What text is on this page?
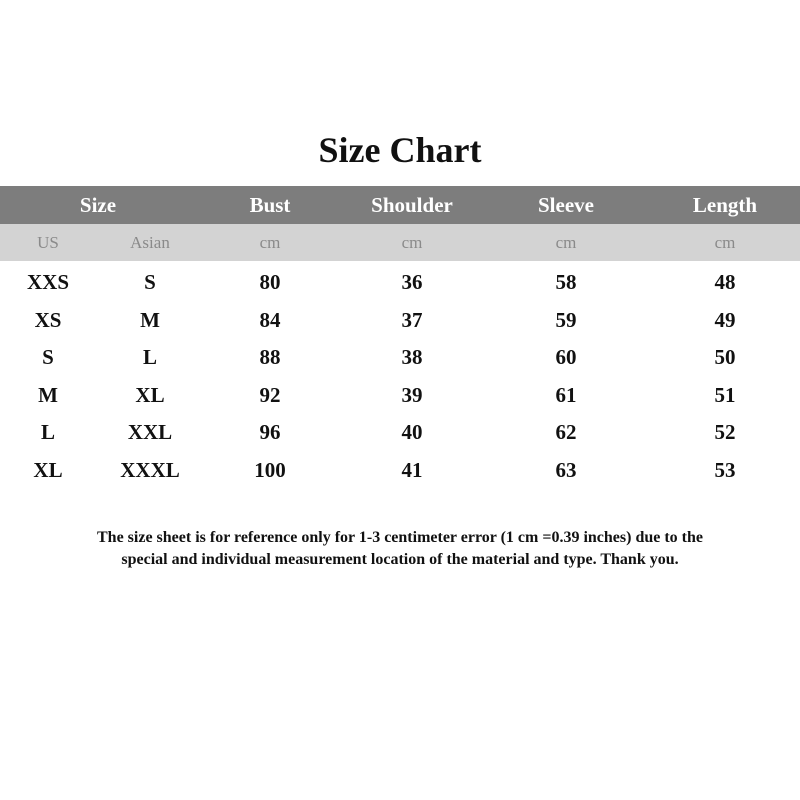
Size Chart
Size	Bust	Shoulder	Sleeve	Length
US	Asian	cm	cm	cm	cm
XXS	S	80	36	58	48
XS	M	84	37	59	49
S	L	88	38	60	50
M	XL	92	39	61	51
L	XXL	96	40	62	52
XL	XXXL	100	41	63	53
The size sheet is for reference only for 1-3 centimeter error (1 cm =0.39 inches) due to the
special and individual measurement location of the material and type. Thank you.
